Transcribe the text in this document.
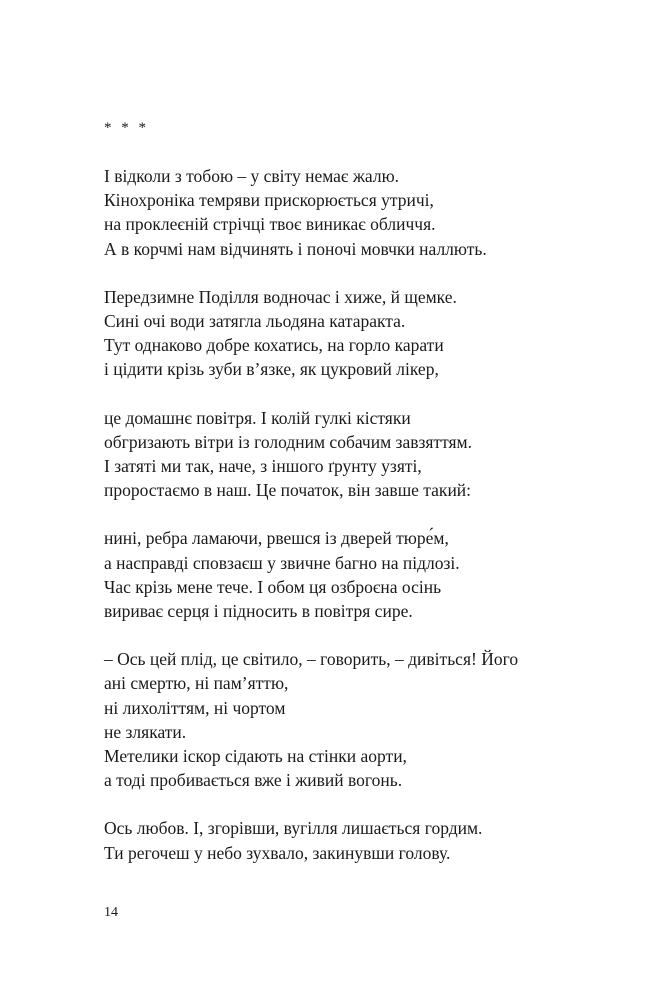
* * *
І відколи з тобою – у світу немає жалю.
Кінохроніка темряви прискорюється утричі,
на проклеєній стрічці твоє виникає обличчя.
А в корчмі нам відчинять і поночі мовчки наллють.
Передзимне Поділля водночас і хиже, й щемке.
Сині очі води затягла льодяна катаракта.
Тут однаково добре кохатись, на горло карати
і цідити крізь зуби в’язке, як цукровий лікер,
це домашнє повітря. І колій гулкі кістяки
обгризають вітри із голодним собачим завзяттям.
І затяті ми так, наче, з іншого ґрунту узяті,
проростаємо в наш. Це початок, він завше такий:
нині, ребра ламаючи, рвешся із дверей тюре́м,
а насправді сповзаєш у звичне багно на підлозі.
Час крізь мене тече. І обом ця озброєна осінь
вириває серця і підносить в повітря сире.
– Ось цей плід, це світило, – говорить, – дивіться! Його
ані смертю, ні пам’яттю,
ні лихоліттям, ні чортом
не злякати.
Метелики іскор сідають на стінки аорти,
а тоді пробивається вже і живий вогонь.
Ось любов. І, згорівши, вугілля лишається гордим.
Ти регочеш у небо зухвало, закинувши голову.
14
